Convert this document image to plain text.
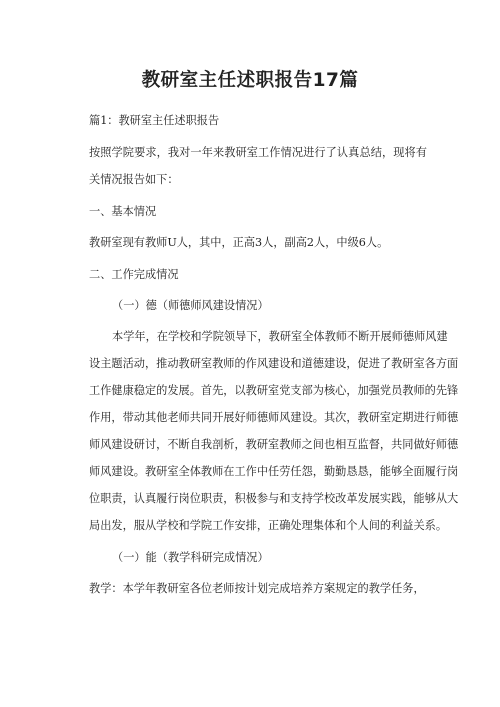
教研室主任述职报告17篇
篇1：教研室主任述职报告
按照学院要求，我对一年来教研室工作情况进行了认真总结，现将有
关情况报告如下：
一、基本情况
教研室现有教师U人，其中，正高3人，副高2人，中级6人。
二、工作完成情况
（一）德（师德师风建设情况）
本学年，在学校和学院领导下，教研室全体教师不断开展师德师风建
设主题活动，推动教研室教师的作风建设和道德建设，促进了教研室各方面
工作健康稳定的发展。首先，以教研室党支部为核心，加强党员教师的先锋
作用，带动其他老师共同开展好师德师风建设。其次，教研室定期进行师德
师风建设研讨，不断自我剖析，教研室教师之间也相互监督，共同做好师德
师风建设。教研室全体教师在工作中任劳任怨，勤勤恳恳，能够全面履行岗
位职责，认真履行岗位职责，积极参与和支持学校改革发展实践，能够从大
局出发，服从学校和学院工作安排，正确处理集体和个人间的利益关系。
（一）能（教学科研完成情况）
教学：本学年教研室各位老师按计划完成培养方案规定的教学任务，
